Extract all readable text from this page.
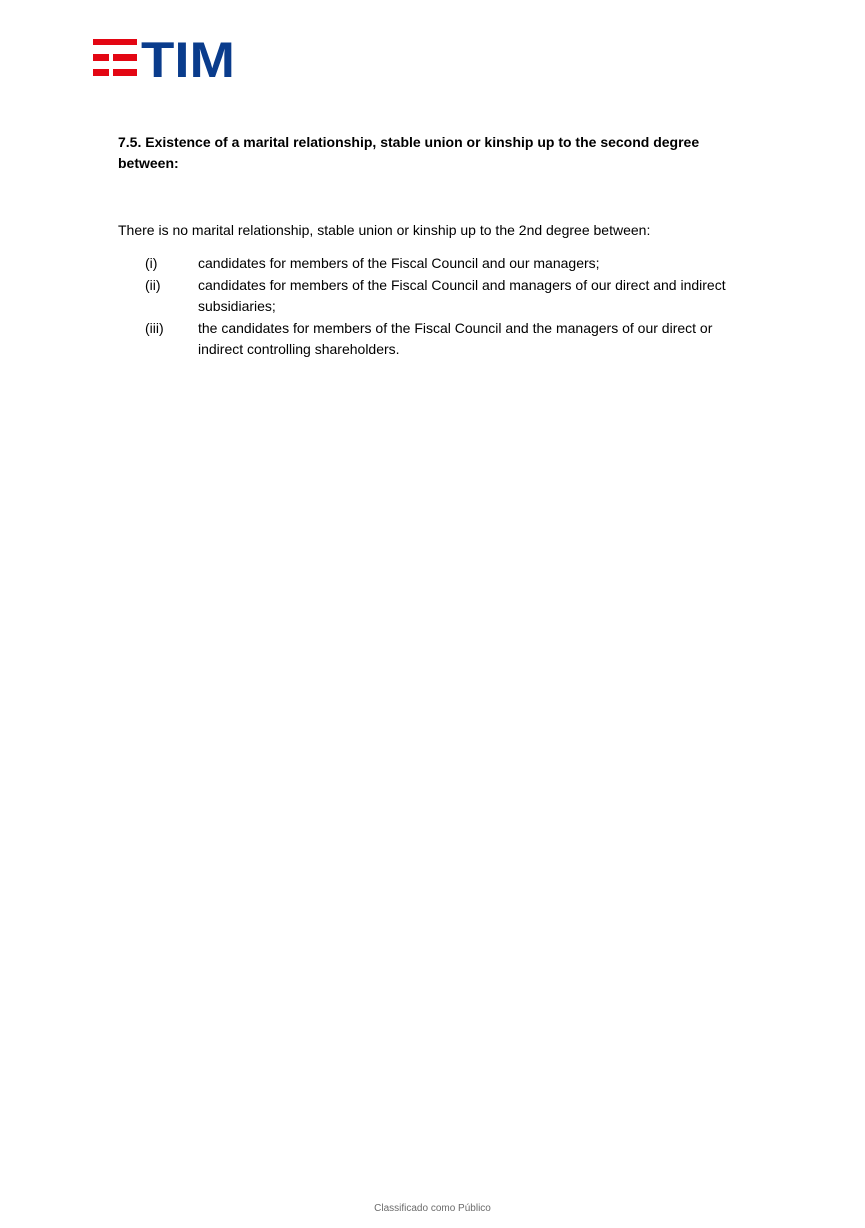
TIM

7.5. Existence of a marital relationship, stable union or kinship up to the second degree between:

There is no marital relationship, stable union or kinship up to the 2nd degree between:

(i)	candidates for members of the Fiscal Council and our managers;
(ii)	candidates for members of the Fiscal Council and managers of our direct and indirect subsidiaries;
(iii) the candidates for members of the Fiscal Council and the managers of our direct or indirect controlling shareholders.
Classificado como Público
